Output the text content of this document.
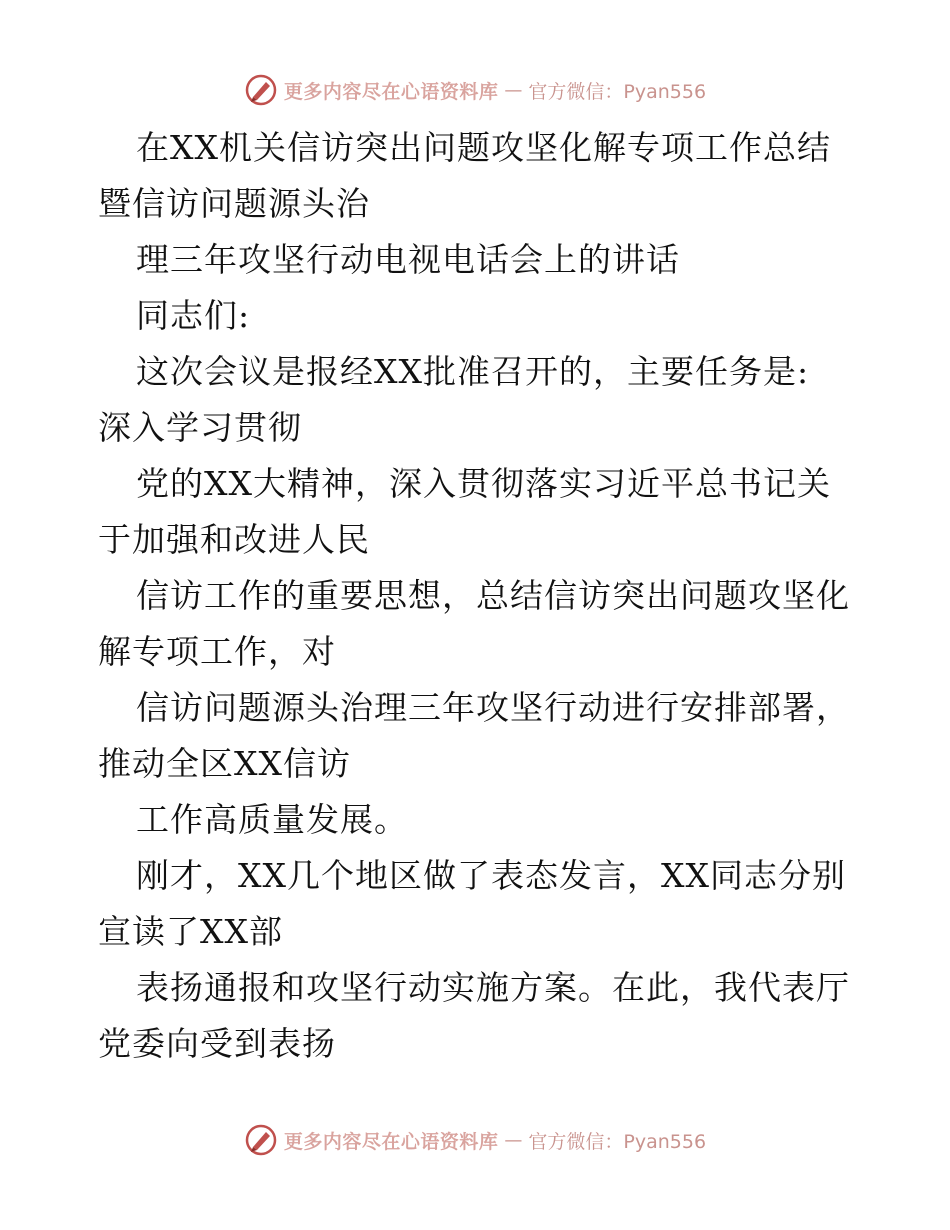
更多内容尽在心语资料库 — 官方微信：Pyan556
在XX机关信访突出问题攻坚化解专项工作总结
暨信访问题源头治
理三年攻坚行动电视电话会上的讲话
同志们:
这次会议是报经XX批准召开的，主要任务是:
深入学习贯彻
党的XX大精神，深入贯彻落实习近平总书记关
于加强和改进人民
信访工作的重要思想，总结信访突出问题攻坚化
解专项工作，对
信访问题源头治理三年攻坚行动进行安排部署，
推动全区XX信访
工作高质量发展。
刚才，XX几个地区做了表态发言，XX同志分别
宣读了XX部
表扬通报和攻坚行动实施方案。在此，我代表厅
党委向受到表扬
更多内容尽在心语资料库 — 官方微信：Pyan556
